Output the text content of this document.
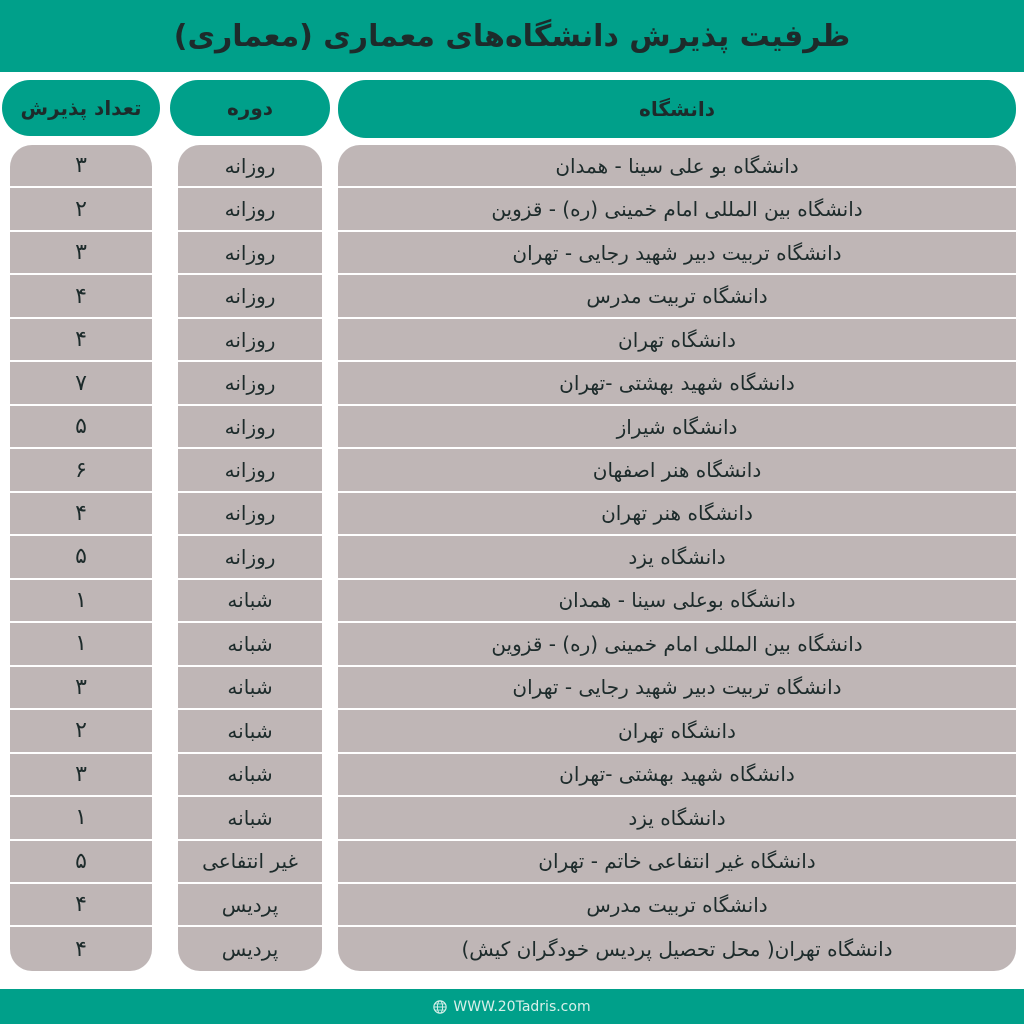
ظرفیت پذیرش دانشگاه‌های معماری (معماری)
دانشگاه
دوره
تعداد پذیرش
دانشگاه بو علی سینا - همدان
دانشگاه بین المللی امام خمینی (ره) - قزوین
دانشگاه تربیت دبیر شهید رجایی - تهران
دانشگاه تربیت مدرس
دانشگاه تهران
دانشگاه شهید بهشتی -تهران
دانشگاه شیراز
دانشگاه هنر اصفهان
دانشگاه هنر تهران
دانشگاه یزد
دانشگاه بوعلی سینا - همدان
دانشگاه بین المللی امام خمینی (ره) - قزوین
دانشگاه تربیت دبیر شهید رجایی - تهران
دانشگاه تهران
دانشگاه شهید بهشتی -تهران
دانشگاه یزد
دانشگاه غیر انتفاعی خاتم - تهران
دانشگاه تربیت مدرس
دانشگاه تهران( محل تحصیل پردیس خودگران کیش)
روزانه
روزانه
روزانه
روزانه
روزانه
روزانه
روزانه
روزانه
روزانه
روزانه
شبانه
شبانه
شبانه
شبانه
شبانه
شبانه
غیر انتفاعی
پردیس
پردیس
۳
۲
۳
۴
۴
۷
۵
۶
۴
۵
۱
۱
۳
۲
۳
۱
۵
۴
۴
WWW.20Tadris.com
